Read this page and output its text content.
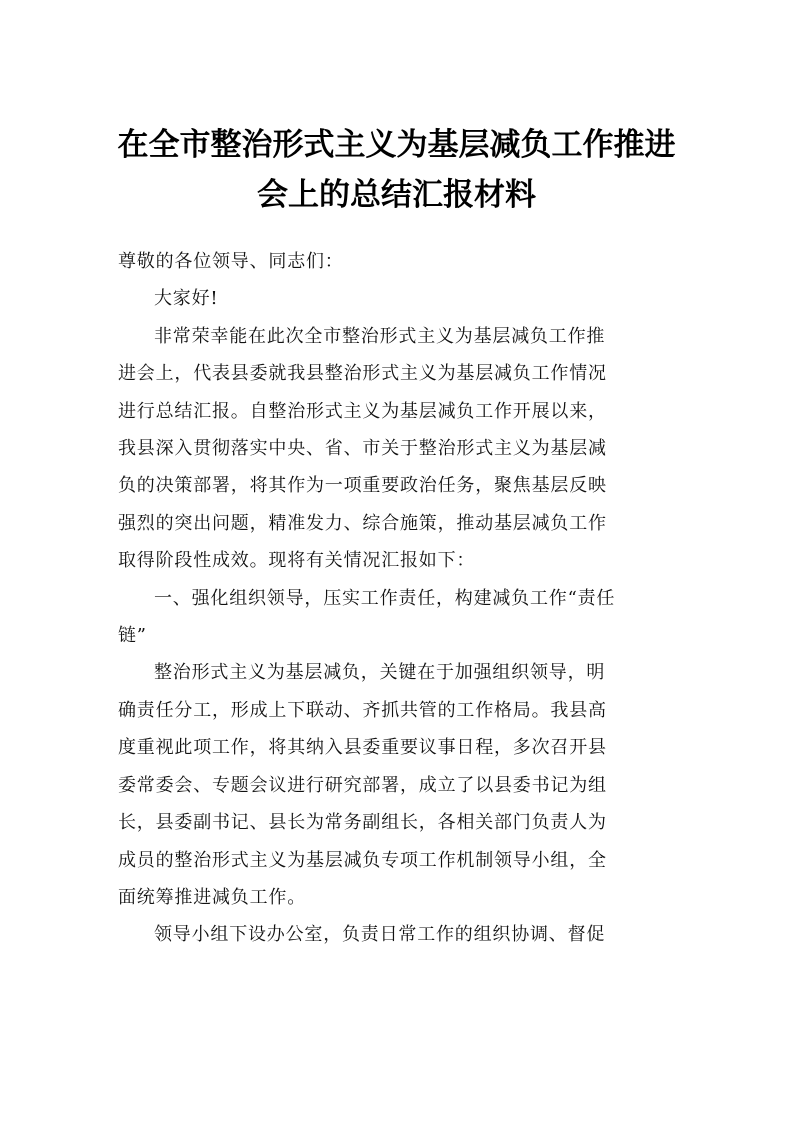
在全市整治形式主义为基层减负工作推进
会上的总结汇报材料

尊敬的各位领导、同志们：

大家好!

非常荣幸能在此次全市整治形式主义为基层减负工作推
进会上，代表县委就我县整治形式主义为基层减负工作情况
进行总结汇报。自整治形式主义为基层减负工作开展以来，
我县深入贯彻落实中央、省、市关于整治形式主义为基层减
负的决策部署，将其作为一项重要政治任务，聚焦基层反映
强烈的突出问题，精准发力、综合施策，推动基层减负工作
取得阶段性成效。现将有关情况汇报如下：

一、强化组织领导，压实工作责任，构建减负工作“责任
链”

整治形式主义为基层减负，关键在于加强组织领导，明
确责任分工，形成上下联动、齐抓共管的工作格局。我县高
度重视此项工作，将其纳入县委重要议事日程，多次召开县
委常委会、专题会议进行研究部署，成立了以县委书记为组
长，县委副书记、县长为常务副组长，各相关部门负责人为
成员的整治形式主义为基层减负专项工作机制领导小组，全
面统筹推进减负工作。

领导小组下设办公室，负责日常工作的组织协调、督促
